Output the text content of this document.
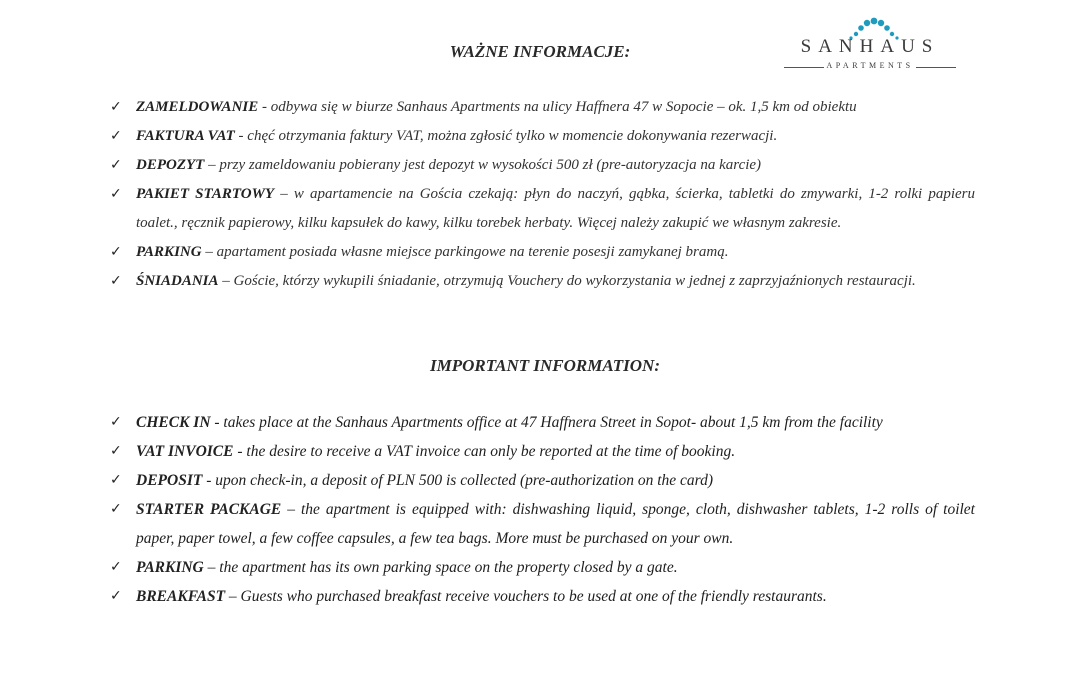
SANHAUS
APARTMENTS
WAŻNE INFORMACJE:
✓ ZAMELDOWANIE - odbywa się w biurze Sanhaus Apartments na ulicy Haffnera 47 w Sopocie – ok. 1,5 km od obiektu
✓ FAKTURA VAT - chęć otrzymania faktury VAT, można zgłosić tylko w momencie dokonywania rezerwacji.
✓ DEPOZYT – przy zameldowaniu pobierany jest depozyt w wysokości 500 zł (pre-autoryzacja na karcie)
✓ PAKIET STARTOWY – w apartamencie na Gościa czekają: płyn do naczyń, gąbka, ścierka, tabletki do zmywarki, 1-2 rolki papieru toalet., ręcznik papierowy, kilku kapsułek do kawy, kilku torebek herbaty. Więcej należy zakupić we własnym zakresie.
✓ PARKING – apartament posiada własne miejsce parkingowe na terenie posesji zamykanej bramą.
✓ ŚNIADANIA – Goście, którzy wykupili śniadanie, otrzymują Vouchery do wykorzystania w jednej z zaprzyjaźnionych restauracji.
IMPORTANT INFORMATION:
✓ CHECK IN - takes place at the Sanhaus Apartments office at 47 Haffnera Street in Sopot- about 1,5 km from the facility
✓ VAT INVOICE - the desire to receive a VAT invoice can only be reported at the time of booking.
✓ DEPOSIT - upon check-in, a deposit of PLN 500 is collected (pre-authorization on the card)
✓ STARTER PACKAGE – the apartment is equipped with: dishwashing liquid, sponge, cloth, dishwasher tablets, 1-2 rolls of toilet paper, paper towel, a few coffee capsules, a few tea bags. More must be purchased on your own.
✓ PARKING – the apartment has its own parking space on the property closed by a gate.
✓ BREAKFAST – Guests who purchased breakfast receive vouchers to be used at one of the friendly restaurants.
